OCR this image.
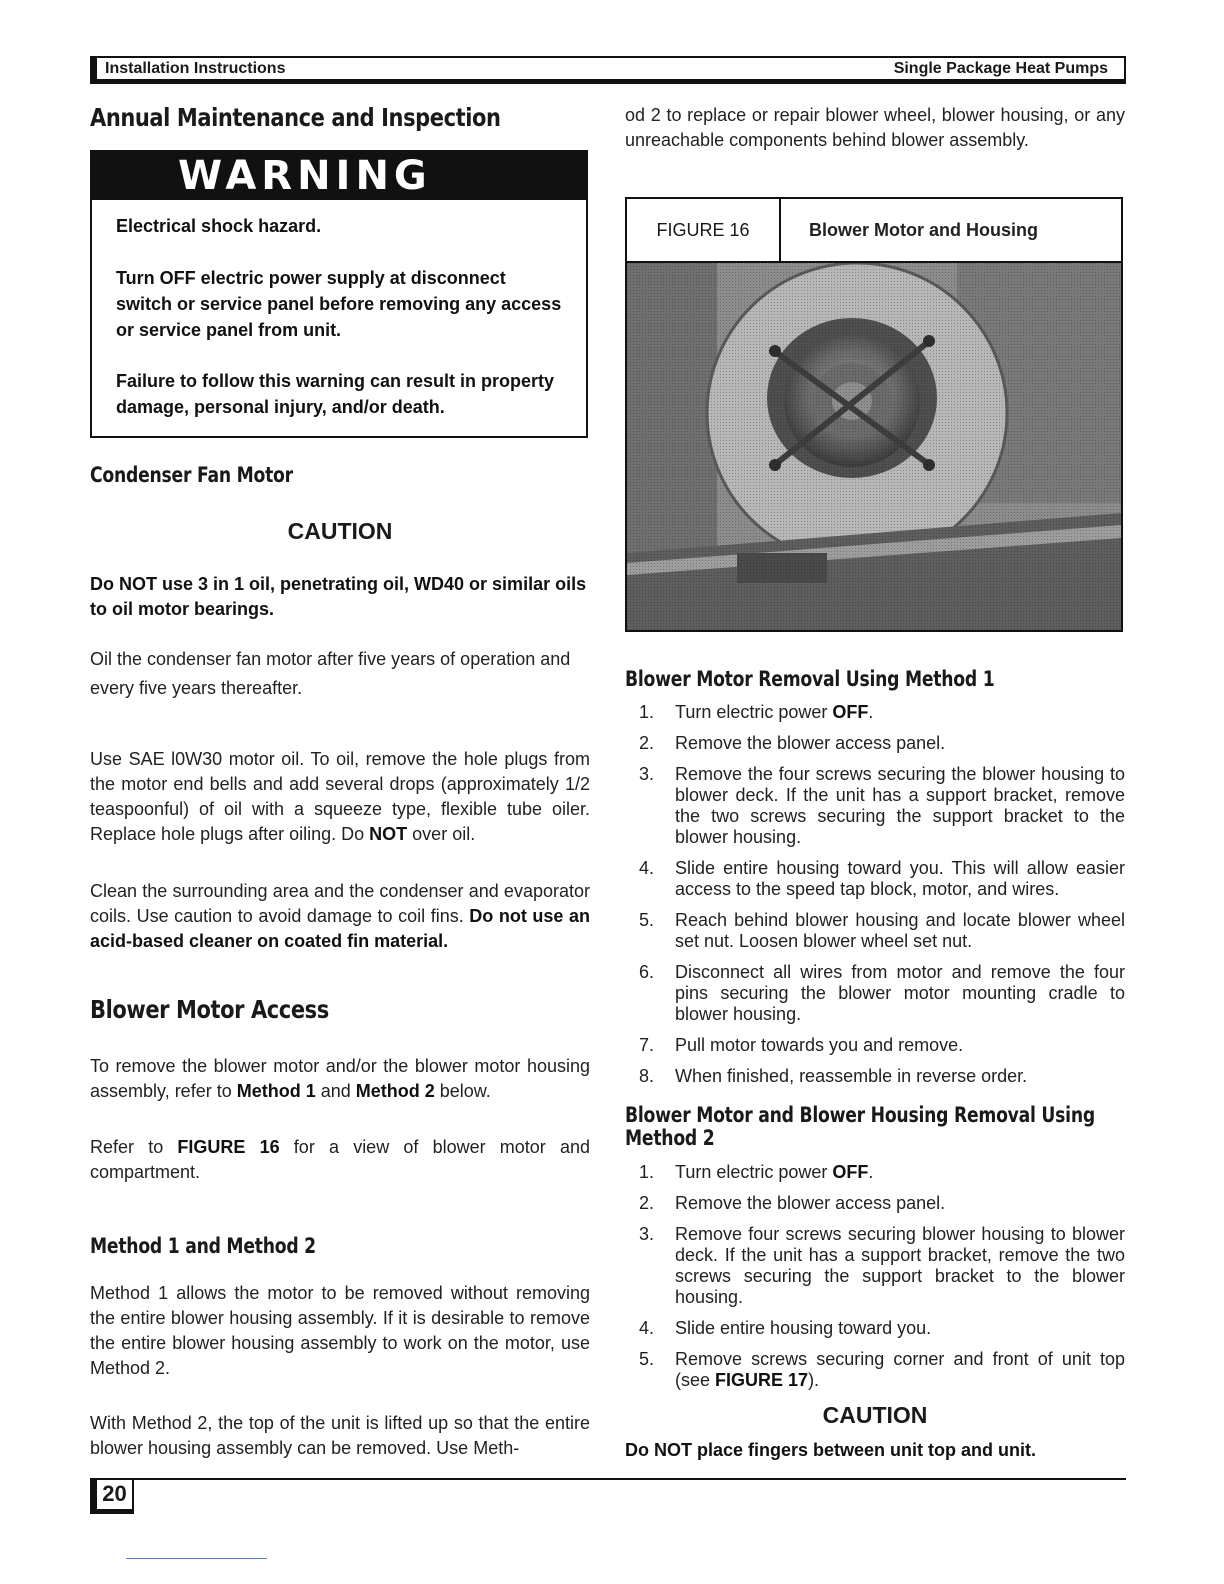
Installation Instructions	Single Package Heat Pumps
Annual Maintenance and Inspection
WARNING
Electrical shock hazard.
Turn OFF electric power supply at disconnect switch or service panel before removing any access or service panel from unit.
Failure to follow this warning can result in property damage, personal injury, and/or death.
Condenser Fan Motor
CAUTION
Do NOT use 3 in 1 oil, penetrating oil, WD40 or similar oils to oil motor bearings.
Oil the condenser fan motor after five years of operation and every five years thereafter.
Use SAE l0W30 motor oil. To oil, remove the hole plugs from the motor end bells and add several drops (approximately 1/2 teaspoonful) of oil with a squeeze type, flexible tube oiler. Replace hole plugs after oiling. Do NOT over oil.
Clean the surrounding area and the condenser and evaporator coils. Use caution to avoid damage to coil fins. Do not use an acid-based cleaner on coated fin material.
Blower Motor Access
To remove the blower motor and/or the blower motor housing assembly, refer to Method 1 and Method 2 below.
Refer to FIGURE 16 for a view of blower motor and compartment.
Method 1 and Method 2
Method 1 allows the motor to be removed without removing the entire blower housing assembly. If it is desirable to remove the entire blower housing assembly to work on the motor, use Method 2.
With Method 2, the top of the unit is lifted up so that the entire blower housing assembly can be removed. Use Meth-
od 2 to replace or repair blower wheel, blower housing, or any unreachable components behind blower assembly.
FIGURE 16	Blower Motor and Housing
Blower Motor Removal Using Method 1
1. Turn electric power OFF.
2. Remove the blower access panel.
3. Remove the four screws securing the blower housing to blower deck. If the unit has a support bracket, remove the two screws securing the support bracket to the blower housing.
4. Slide entire housing toward you. This will allow easier access to the speed tap block, motor, and wires.
5. Reach behind blower housing and locate blower wheel set nut. Loosen blower wheel set nut.
6. Disconnect all wires from motor and remove the four pins securing the blower motor mounting cradle to blower housing.
7. Pull motor towards you and remove.
8. When finished, reassemble in reverse order.
Blower Motor and Blower Housing Removal Using
Method 2
1. Turn electric power OFF.
2. Remove the blower access panel.
3. Remove four screws securing blower housing to blower deck. If the unit has a support bracket, remove the two screws securing the support bracket to the blower housing.
4. Slide entire housing toward you.
5. Remove screws securing corner and front of unit top (see FIGURE 17).
CAUTION
Do NOT place fingers between unit top and unit.
20
